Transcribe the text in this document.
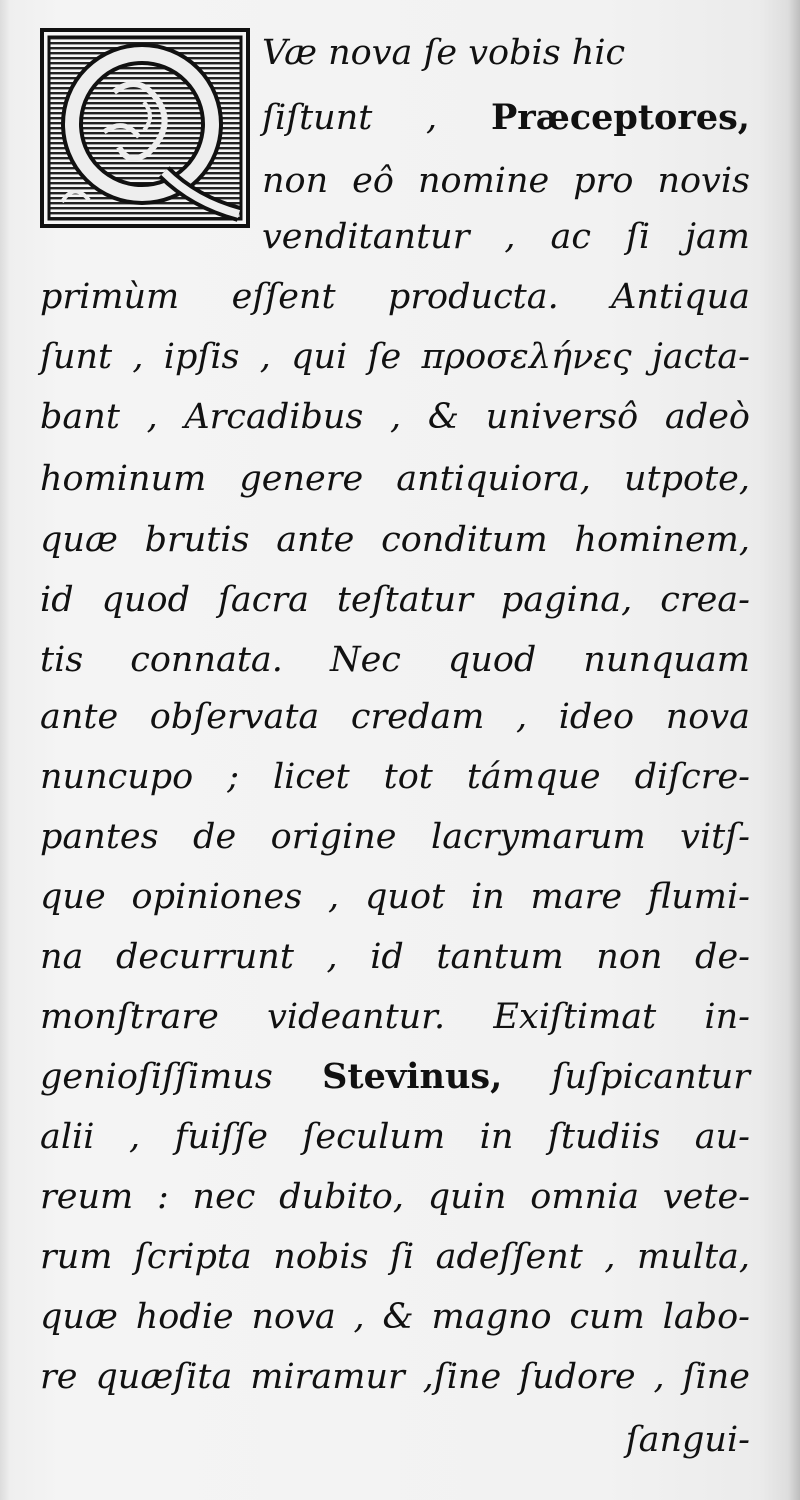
Væ nova ſe vobis hic
ſiſtunt , Præceptores,
non eô nomine pro novis
venditantur , ac ſi jam
primùm eſſent producta. Antiqua
ſunt , ipſis , qui ſe προσελήνες jacta-
bant , Arcadibus , & universô adeò
hominum genere antiquiora, utpote,
quæ brutis ante conditum hominem,
id quod ſacra teſtatur pagina, crea-
tis connata. Nec quod nunquam
ante obſervata credam , ideo nova
nuncupo ; licet tot támque diſcre-
pantes de origine lacrymarum vitſ-
que opiniones , quot in mare flumi-
na decurrunt , id tantum non de-
monſtrare videantur. Exiſtimat in-
genioſiſſimus Stevinus, ſuſpicantur
alii , fuiſſe ſeculum in ſtudiis au-
reum : nec dubito, quin omnia vete-
rum ſcripta nobis ſi adeſſent , multa,
quæ hodie nova , & magno cum labo-
re quæſita miramur ,ſine ſudore , ſine
ſangui-
